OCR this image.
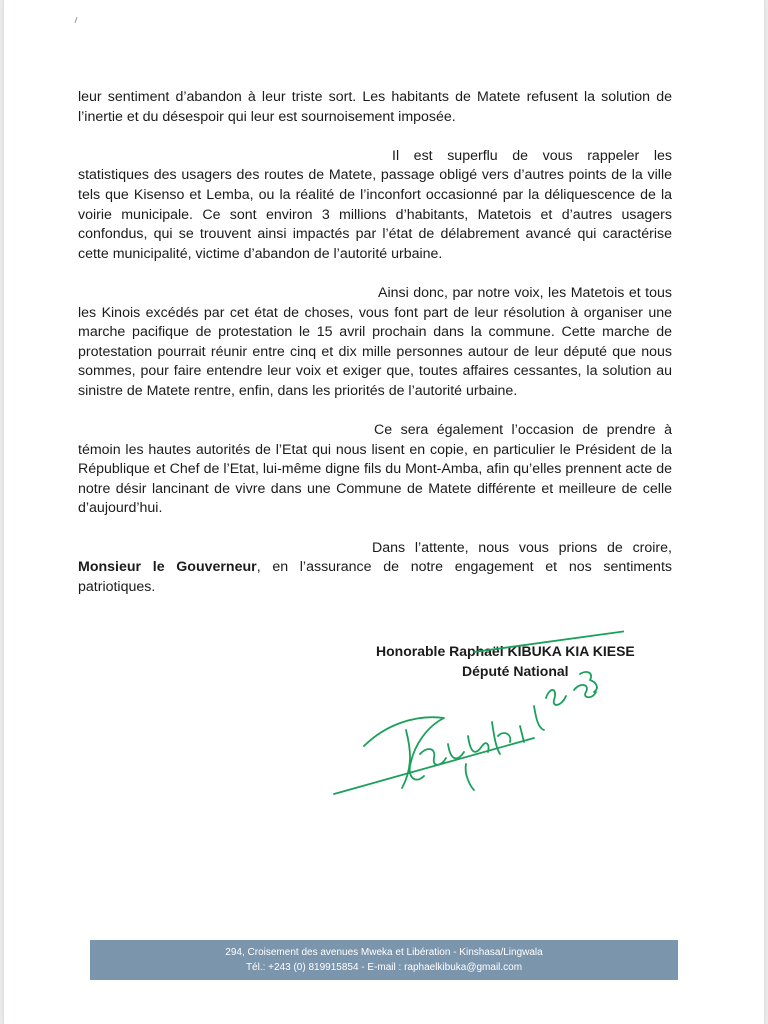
leur sentiment d’abandon à leur triste sort. Les habitants de Matete refusent la solution de l’inertie et du désespoir qui leur est sournoisement imposée.

Il est superflu de vous rappeler les statistiques des usagers des routes de Matete, passage obligé vers d’autres points de la ville tels que Kisenso et Lemba, ou la réalité de l’inconfort occasionné par la déliquescence de la voirie municipale. Ce sont environ 3 millions d’habitants, Matetois et d’autres usagers confondus, qui se trouvent ainsi impactés par l’état de délabrement avancé qui caractérise cette municipalité, victime d’abandon de l’autorité urbaine.

Ainsi donc, par notre voix, les Matetois et tous les Kinois excédés par cet état de choses, vous font part de leur résolution à organiser une marche pacifique de protestation le 15 avril prochain dans la commune. Cette marche de protestation pourrait réunir entre cinq et dix mille personnes autour de leur député que nous sommes, pour faire entendre leur voix et exiger que, toutes affaires cessantes, la solution au sinistre de Matete rentre, enfin, dans les priorités de l’autorité urbaine.

Ce sera également l’occasion de prendre à témoin les hautes autorités de l’Etat qui nous lisent en copie, en particulier le Président de la République et Chef de l’Etat, lui-même digne fils du Mont-Amba, afin qu’elles prennent acte de notre désir lancinant de vivre dans une Commune de Matete différente et meilleure de celle d’aujourd’hui.

Dans l’attente, nous vous prions de croire, Monsieur le Gouverneur, en l’assurance de notre engagement et nos sentiments patriotiques.

Honorable Raphaël KIBUKA KIA KIESE
Député National
294, Croisement des avenues Mweka et Libération - Kinshasa/Lingwala
Tél.: +243 (0) 819915854 - E-mail : raphaelkibuka@gmail.com
